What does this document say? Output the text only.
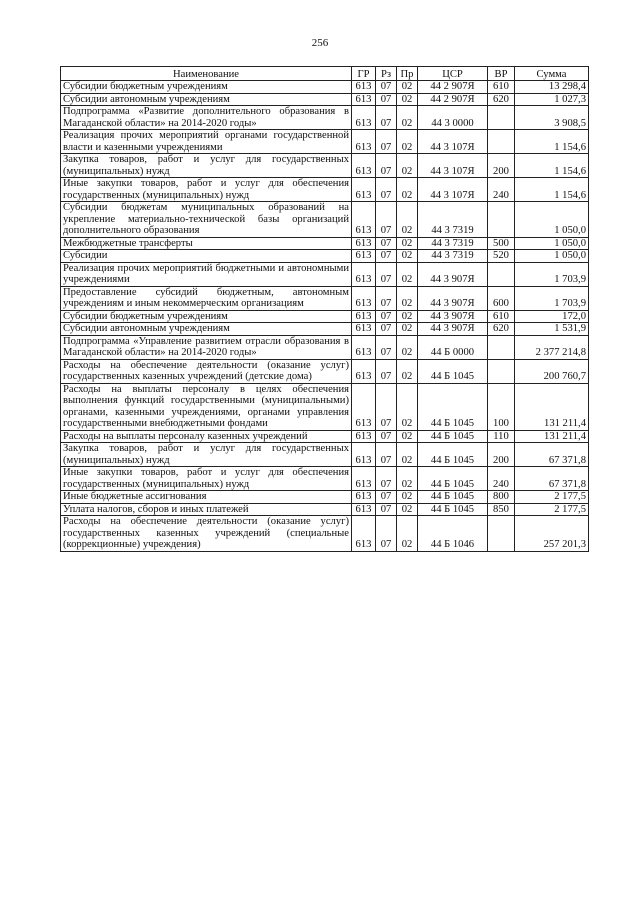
256
Наименование	ГР	Рз	Пр	ЦСР	ВР	Сумма
Субсидии бюджетным учреждениям	613	07	02	44 2 907Я	610	13 298,4
Субсидии автономным учреждениям	613	07	02	44 2 907Я	620	1 027,3
Подпрограмма «Развитие дополнительного образования в Магаданской области» на 2014-2020 годы»	613	07	02	44 3 0000		3 908,5
Реализация прочих мероприятий органами государственной власти и казенными учреждениями	613	07	02	44 3 107Я		1 154,6
Закупка товаров, работ и услуг для государственных (муниципальных) нужд	613	07	02	44 3 107Я	200	1 154,6
Иные закупки товаров, работ и услуг для обеспечения государственных (муниципальных) нужд	613	07	02	44 3 107Я	240	1 154,6
Субсидии бюджетам муниципальных образований на укрепление материально-технической базы организаций дополнительного образования	613	07	02	44 3 7319		1 050,0
Межбюджетные трансферты	613	07	02	44 3 7319	500	1 050,0
Субсидии	613	07	02	44 3 7319	520	1 050,0
Реализация прочих мероприятий бюджетными и автономными учреждениями	613	07	02	44 3 907Я		1 703,9
Предоставление субсидий бюджетным, автономным учреждениям и иным некоммерческим организациям	613	07	02	44 3 907Я	600	1 703,9
Субсидии бюджетным учреждениям	613	07	02	44 3 907Я	610	172,0
Субсидии автономным учреждениям	613	07	02	44 3 907Я	620	1 531,9
Подпрограмма «Управление развитием отрасли образования в Магаданской области» на 2014-2020 годы»	613	07	02	44 Б 0000		2 377 214,8
Расходы на обеспечение деятельности (оказание услуг) государственных казенных учреждений (детские дома)	613	07	02	44 Б 1045		200 760,7
Расходы на выплаты персоналу в целях обеспечения выполнения функций государственными (муниципальными) органами, казенными учреждениями, органами управления государственными внебюджетными фондами	613	07	02	44 Б 1045	100	131 211,4
Расходы на выплаты персоналу казенных учреждений	613	07	02	44 Б 1045	110	131 211,4
Закупка товаров, работ и услуг для государственных (муниципальных) нужд	613	07	02	44 Б 1045	200	67 371,8
Иные закупки товаров, работ и услуг для обеспечения государственных (муниципальных) нужд	613	07	02	44 Б 1045	240	67 371,8
Иные бюджетные ассигнования	613	07	02	44 Б 1045	800	2 177,5
Уплата налогов, сборов и иных платежей	613	07	02	44 Б 1045	850	2 177,5
Расходы на обеспечение деятельности (оказание услуг) государственных казенных учреждений (специальные (коррекционные) учреждения)	613	07	02	44 Б 1046		257 201,3
